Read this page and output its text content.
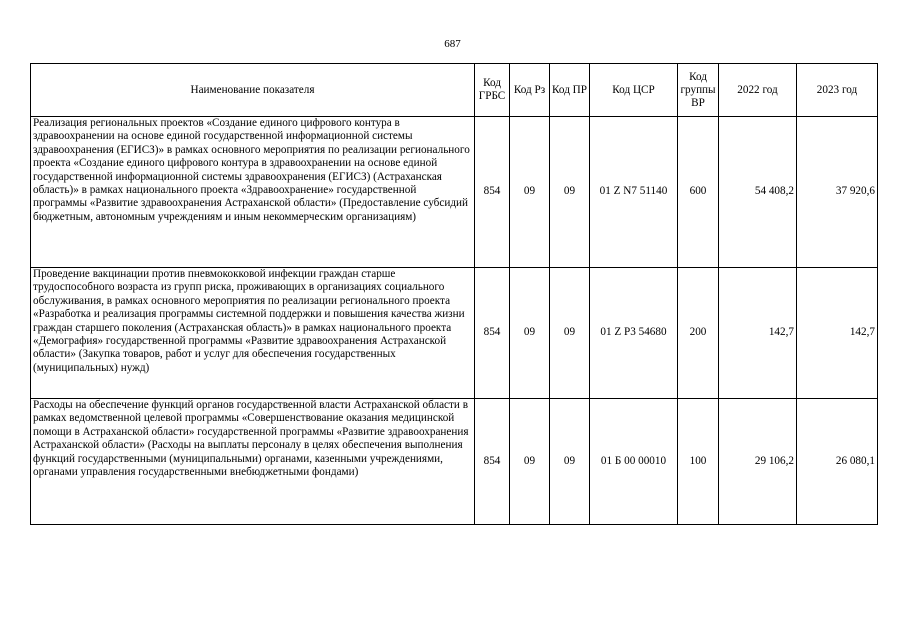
687
Наименование показателя	Код ГРБС	Код Рз	Код ПР	Код ЦСР	Код группы ВР	2022 год	2023 год
Реализация региональных проектов «Создание единого цифрового контура в здравоохранении на основе единой государственной информационной системы здравоохранения (ЕГИСЗ)» в рамках основного мероприятия по реализации регионального проекта «Создание единого цифрового контура в здравоохранении на основе единой государственной информационной системы здравоохранения (ЕГИСЗ) (Астраханская область)» в рамках национального проекта «Здравоохранение» государственной программы «Развитие здравоохранения Астраханской области» (Предоставление субсидий бюджетным, автономным учреждениям и иным некоммерческим организациям)	854	09	09	01 Z N7 51140	600	54 408,2	37 920,6
Проведение вакцинации против пневмококковой инфекции граждан старше трудоспособного возраста из групп риска, проживающих в организациях социального обслуживания, в рамках основного мероприятия по реализации регионального проекта «Разработка и реализация программы системной поддержки и повышения качества жизни граждан старшего поколения (Астраханская область)» в рамках национального проекта «Демография» государственной программы «Развитие здравоохранения Астраханской области» (Закупка товаров, работ и услуг для обеспечения государственных (муниципальных) нужд)	854	09	09	01 Z P3 54680	200	142,7	142,7
Расходы на обеспечение функций органов государственной власти Астраханской области в рамках ведомственной целевой программы «Совершенствование оказания медицинской помощи в Астраханской области» государственной программы «Развитие здравоохранения Астраханской области» (Расходы на выплаты персоналу в целях обеспечения выполнения функций государственными (муниципальными) органами, казенными учреждениями, органами управления государственными внебюджетными фондами)	854	09	09	01 Б 00 00010	100	29 106,2	26 080,1
